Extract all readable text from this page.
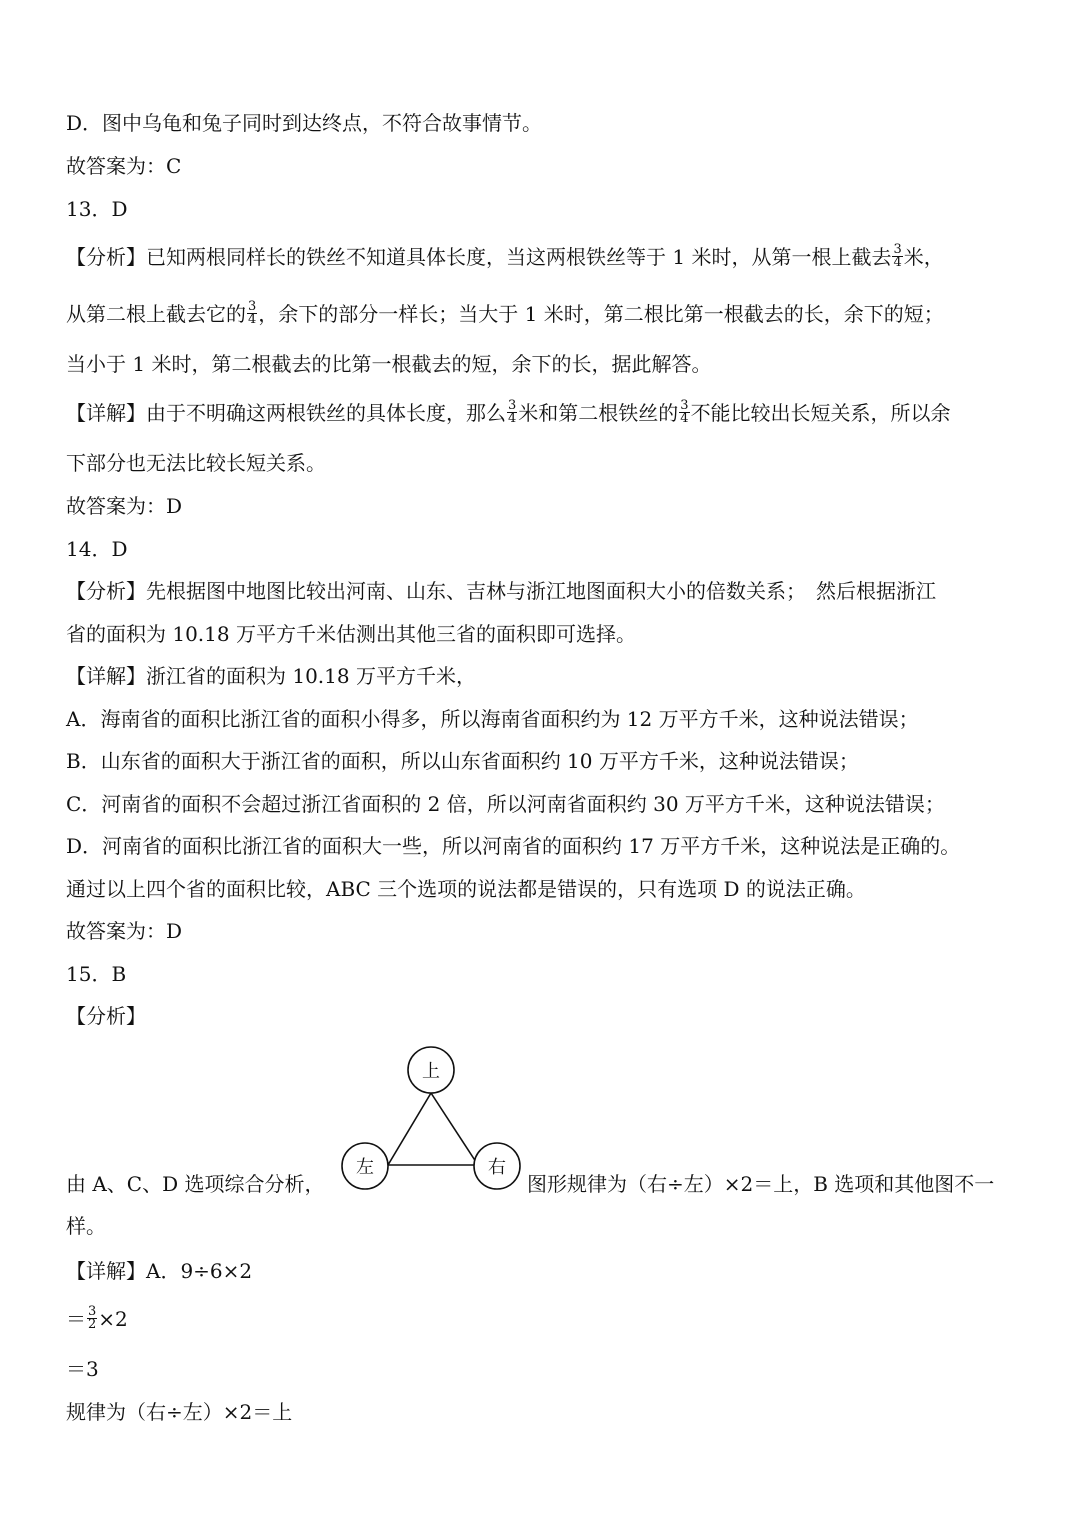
D．图中乌龟和兔子同时到达终点，不符合故事情节。
故答案为：C
13．D
【分析】已知两根同样长的铁丝不知道具体长度，当这两根铁丝等于 1 米时，从第一根上截去 $\frac{3}{4}$ 米，
从第二根上截去它的 $\frac{3}{4}$ ，余下的部分一样长；当大于 1 米时，第二根比第一根截去的长，余下的短；
当小于 1 米时，第二根截去的比第一根截去的短，余下的长，据此解答。
【详解】由于不明确这两根铁丝的具体长度，那么 $\frac{3}{4}$ 米和第二根铁丝的 $\frac{3}{4}$ 不能比较出长短关系，所以余
下部分也无法比较长短关系。
故答案为：D
14．D
【分析】先根据图中地图比较出河南、山东、吉林与浙江地图面积大小的倍数关系；　然后根据浙江
省的面积为 10.18 万平方千米估测出其他三省的面积即可选择。
【详解】浙江省的面积为 10.18 万平方千米，
A．海南省的面积比浙江省的面积小得多，所以海南省面积约为 12 万平方千米，这种说法错误；
B．山东省的面积大于浙江省的面积，所以山东省面积约 10 万平方千米，这种说法错误；
C．河南省的面积不会超过浙江省面积的 2 倍，所以河南省面积约 30 万平方千米，这种说法错误；
D．河南省的面积比浙江省的面积大一些，所以河南省的面积约 17 万平方千米，这种说法是正确的。
通过以上四个省的面积比较，ABC 三个选项的说法都是错误的，只有选项 D 的说法正确。
故答案为：D
15．B
【分析】
上
左	右
由 A、C、D 选项综合分析，	图形规律为（右÷左）×2＝上，B 选项和其他图不一
样。
【详解】A．9÷6×2
＝ $\frac{3}{2} \times 2$
＝3
规律为（右÷左）×2＝上
